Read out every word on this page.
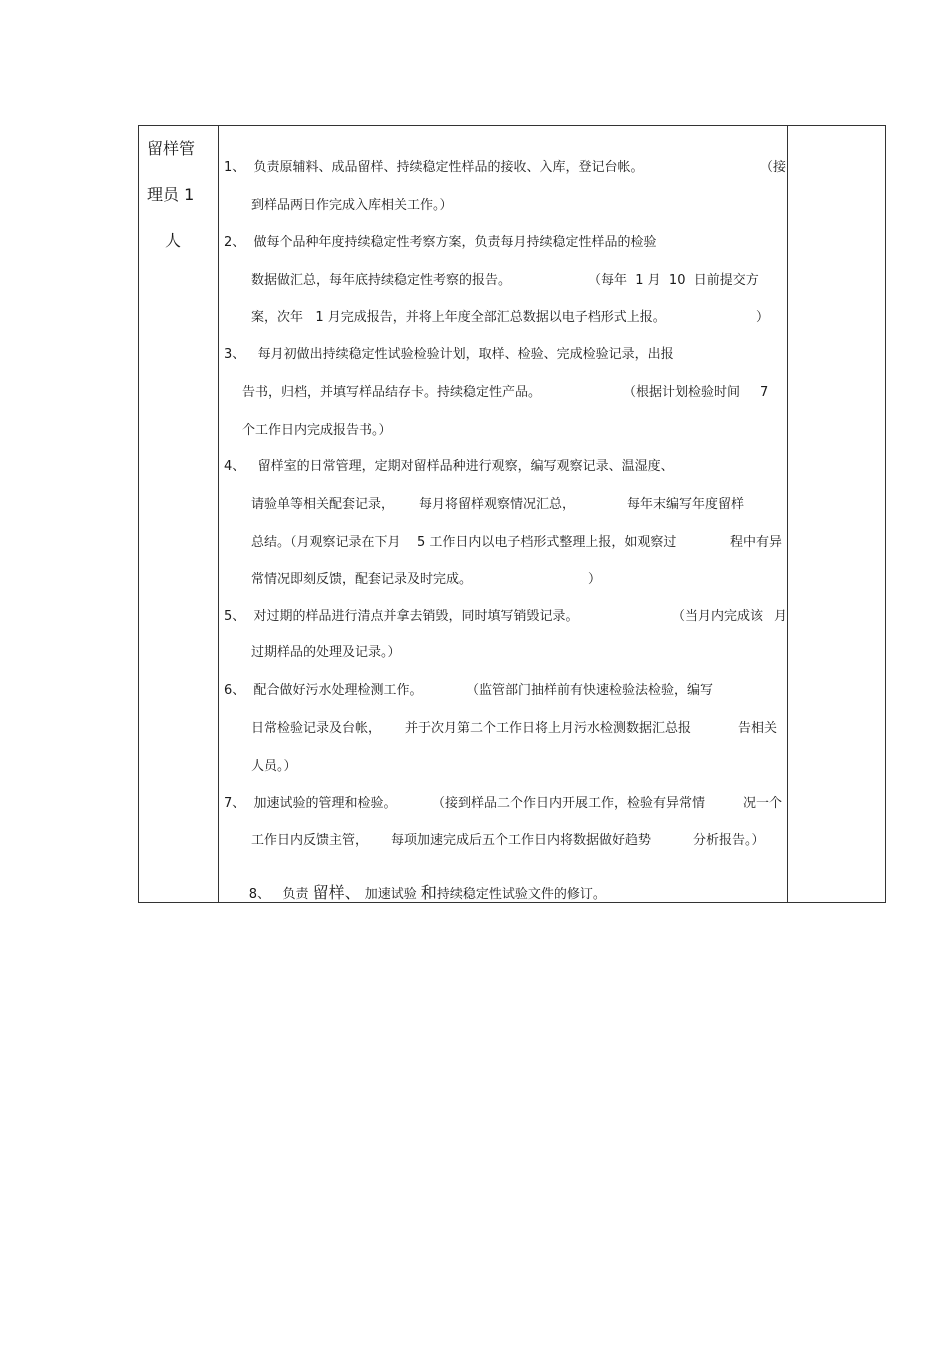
留样管
理员 1
人
1、  负责原辅料、成品留样、持续稳定性样品的接收、入库，登记台帐。	（接
到样品两日作完成入库相关工作。）
2、  做每个品种年度持续稳定性考察方案，负责每月持续稳定性样品的检验
数据做汇总，每年底持续稳定性考察的报告。	（每年  1 月  10  日前提交方
案，次年   1 月完成报告，并将上年度全部汇总数据以电子档形式上报。	）
3、   每月初做出持续稳定性试验检验计划，取样、检验、完成检验记录，出报
告书，归档，并填写样品结存卡。持续稳定性产品。	（根据计划检验时间 7
个工作日内完成报告书。）
4、   留样室的日常管理，定期对留样品种进行观察，编写观察记录、温湿度、
请验单等相关配套记录， 每月将留样观察情况汇总，	每年末编写年度留样
总结。（月观察记录在下月    5 工作日内以电子档形式整理上报，如观察过	程中有异
常情况即刻反馈，配套记录及时完成。	）
5、  对过期的样品进行清点并拿去销毁，同时填写销毁记录。	（当月内完成该 月
过期样品的处理及记录。）
6、  配合做好污水处理检测工作。	（监管部门抽样前有快速检验法检验，编写
日常检验记录及台帐， 并于次月第二个工作日将上月污水检测数据汇总报	告相关
人员。）
7、  加速试验的管理和检验。	（接到样品二个作日内开展工作，检验有异常情	况一个
工作日内反馈主管， 每项加速完成后五个工作日内将数据做好趋势	分析报告。）

8、   负责 留样、 加速试验 和持续稳定性试验文件的修订。
